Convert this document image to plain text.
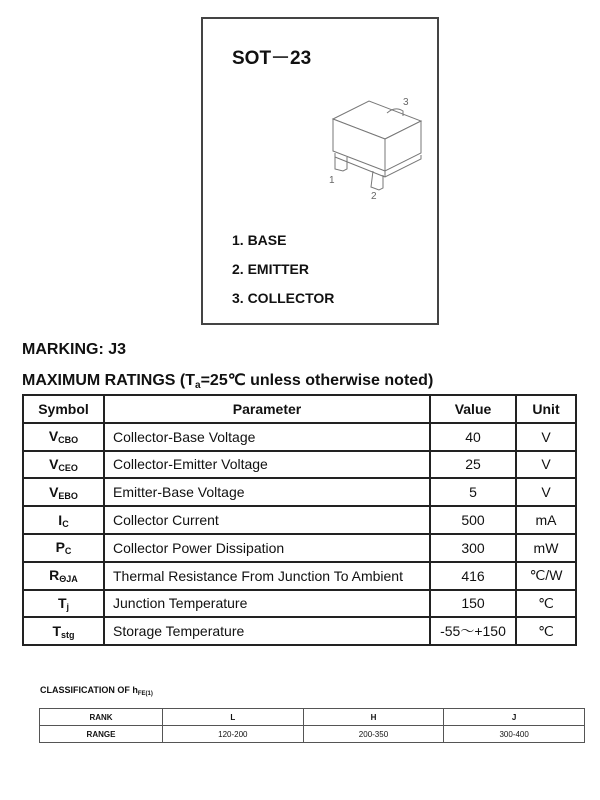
SOT－23
3
1
2
1. BASE
2. EMITTER
3. COLLECTOR
MARKING: J3
MAXIMUM RATINGS ($T_a=25℃$ unless otherwise noted)
Symbol	Parameter	Value	Unit
$V_{CBO}$	Collector-Base Voltage	40	V
$V_{CEO}$	Collector-Emitter Voltage	25	V
$V_{EBO}$	Emitter-Base Voltage	5	V
$I_C$	Collector Current	500	mA
$P_C$	Collector Power Dissipation	300	mW
$R_{\Theta JA}$	Thermal Resistance From Junction To Ambient	416	℃/W
$T_j$	Junction Temperature	150	℃
$T_{stg}$	Storage Temperature	-55～+150	℃
CLASSIFICATION OF $h_{FE(1)}$
RANK	L	H	J
RANGE	120-200	200-350	300-400
